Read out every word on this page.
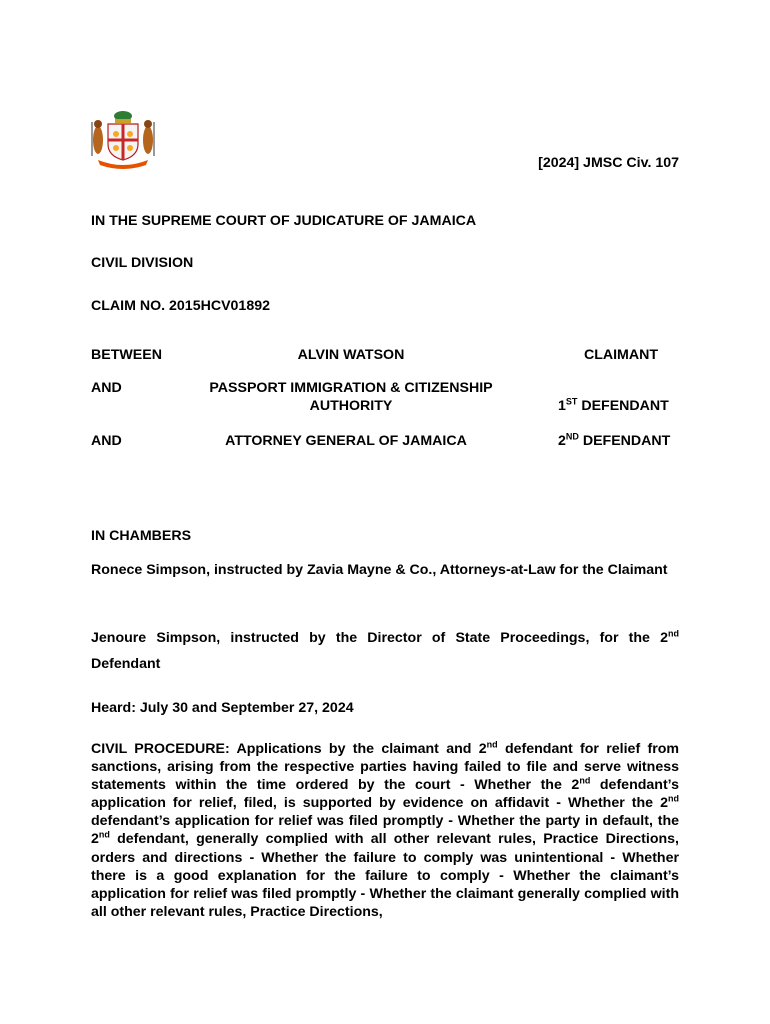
[2024] JMSC Civ. 107
IN THE SUPREME COURT OF JUDICATURE OF JAMAICA
CIVIL DIVISION
CLAIM NO. 2015HCV01892
BETWEEN	ALVIN WATSON	CLAIMANT
AND	PASSPORT IMMIGRATION & CITIZENSHIP
AUTHORITY	1ST DEFENDANT
AND	ATTORNEY GENERAL OF JAMAICA	2ND DEFENDANT
IN CHAMBERS
Ronece Simpson, instructed by Zavia Mayne & Co., Attorneys-at-Law for the Claimant
Jenoure Simpson, instructed by the Director of State Proceedings, for the 2nd Defendant
Heard: July 30 and September 27, 2024
CIVIL PROCEDURE: Applications by the claimant and 2nd defendant for relief from sanctions, arising from the respective parties having failed to file and serve witness statements within the time ordered by the court - Whether the 2nd defendant’s application for relief, filed, is supported by evidence on affidavit - Whether the 2nd defendant’s application for relief was filed promptly - Whether the party in default, the 2nd defendant, generally complied with all other relevant rules, Practice Directions, orders and directions - Whether the failure to comply was unintentional - Whether there is a good explanation for the failure to comply - Whether the claimant’s application for relief was filed promptly - Whether the claimant generally complied with all other relevant rules, Practice Directions,
